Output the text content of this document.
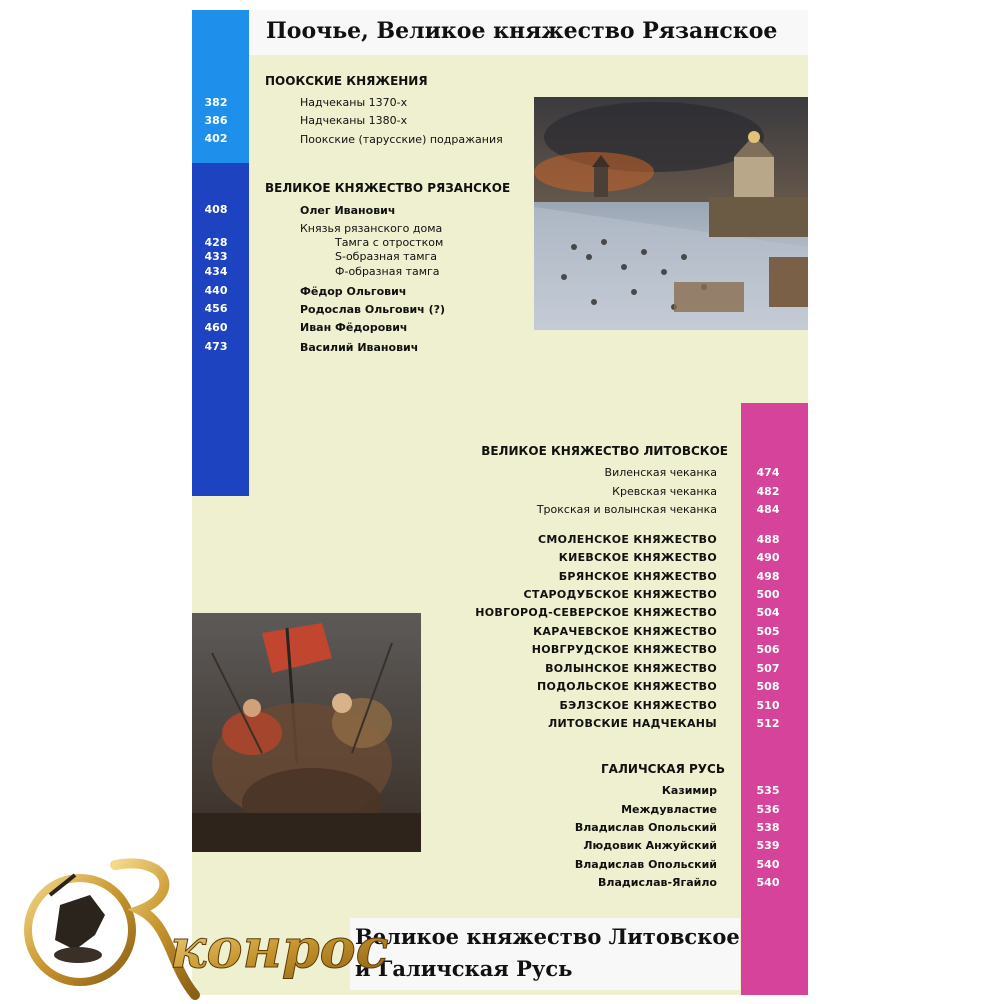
Поочье, Великое княжество Рязанское
ПООКСКИЕ КНЯЖЕНИЯ
382	Надчеканы 1370-х
386	Надчеканы 1380-х
402	Поокские (тарусские) подражания
ВЕЛИКОЕ КНЯЖЕСТВО РЯЗАНСКОЕ
408	Олег Иванович
Князья рязанского дома
428	Тамга с отростком
433	S-образная тамга
434	Ф-образная тамга
440	Фёдор Ольгович
456	Родослав Ольгович (?)
460	Иван Фёдорович
473	Василий Иванович
ВЕЛИКОЕ КНЯЖЕСТВО ЛИТОВСКОЕ
Виленская чеканка	474
Кревская чеканка	482
Трокская и волынская чеканка	484
СМОЛЕНСКОЕ КНЯЖЕСТВО	488
КИЕВСКОЕ КНЯЖЕСТВО	490
БРЯНСКОЕ КНЯЖЕСТВО	498
СТАРОДУБСКОЕ КНЯЖЕСТВО	500
НОВГОРОД-СЕВЕРСКОЕ КНЯЖЕСТВО	504
КАРАЧЕВСКОЕ КНЯЖЕСТВО	505
НОВГРУДСКОЕ КНЯЖЕСТВО	506
ВОЛЫНСКОЕ КНЯЖЕСТВО	507
ПОДОЛЬСКОЕ КНЯЖЕСТВО	508
БЭЛЗСКОЕ КНЯЖЕСТВО	510
ЛИТОВСКИЕ НАДЧЕКАНЫ	512
ГАЛИЧСКАЯ РУСЬ
Казимир	535
Междувластие	536
Владислав Опольский	538
Людовик Анжуйский	539
Владислав Опольский	540
Владислав-Ягайло	540
Великое княжество Литовское
и Галичская Русь
конрос
